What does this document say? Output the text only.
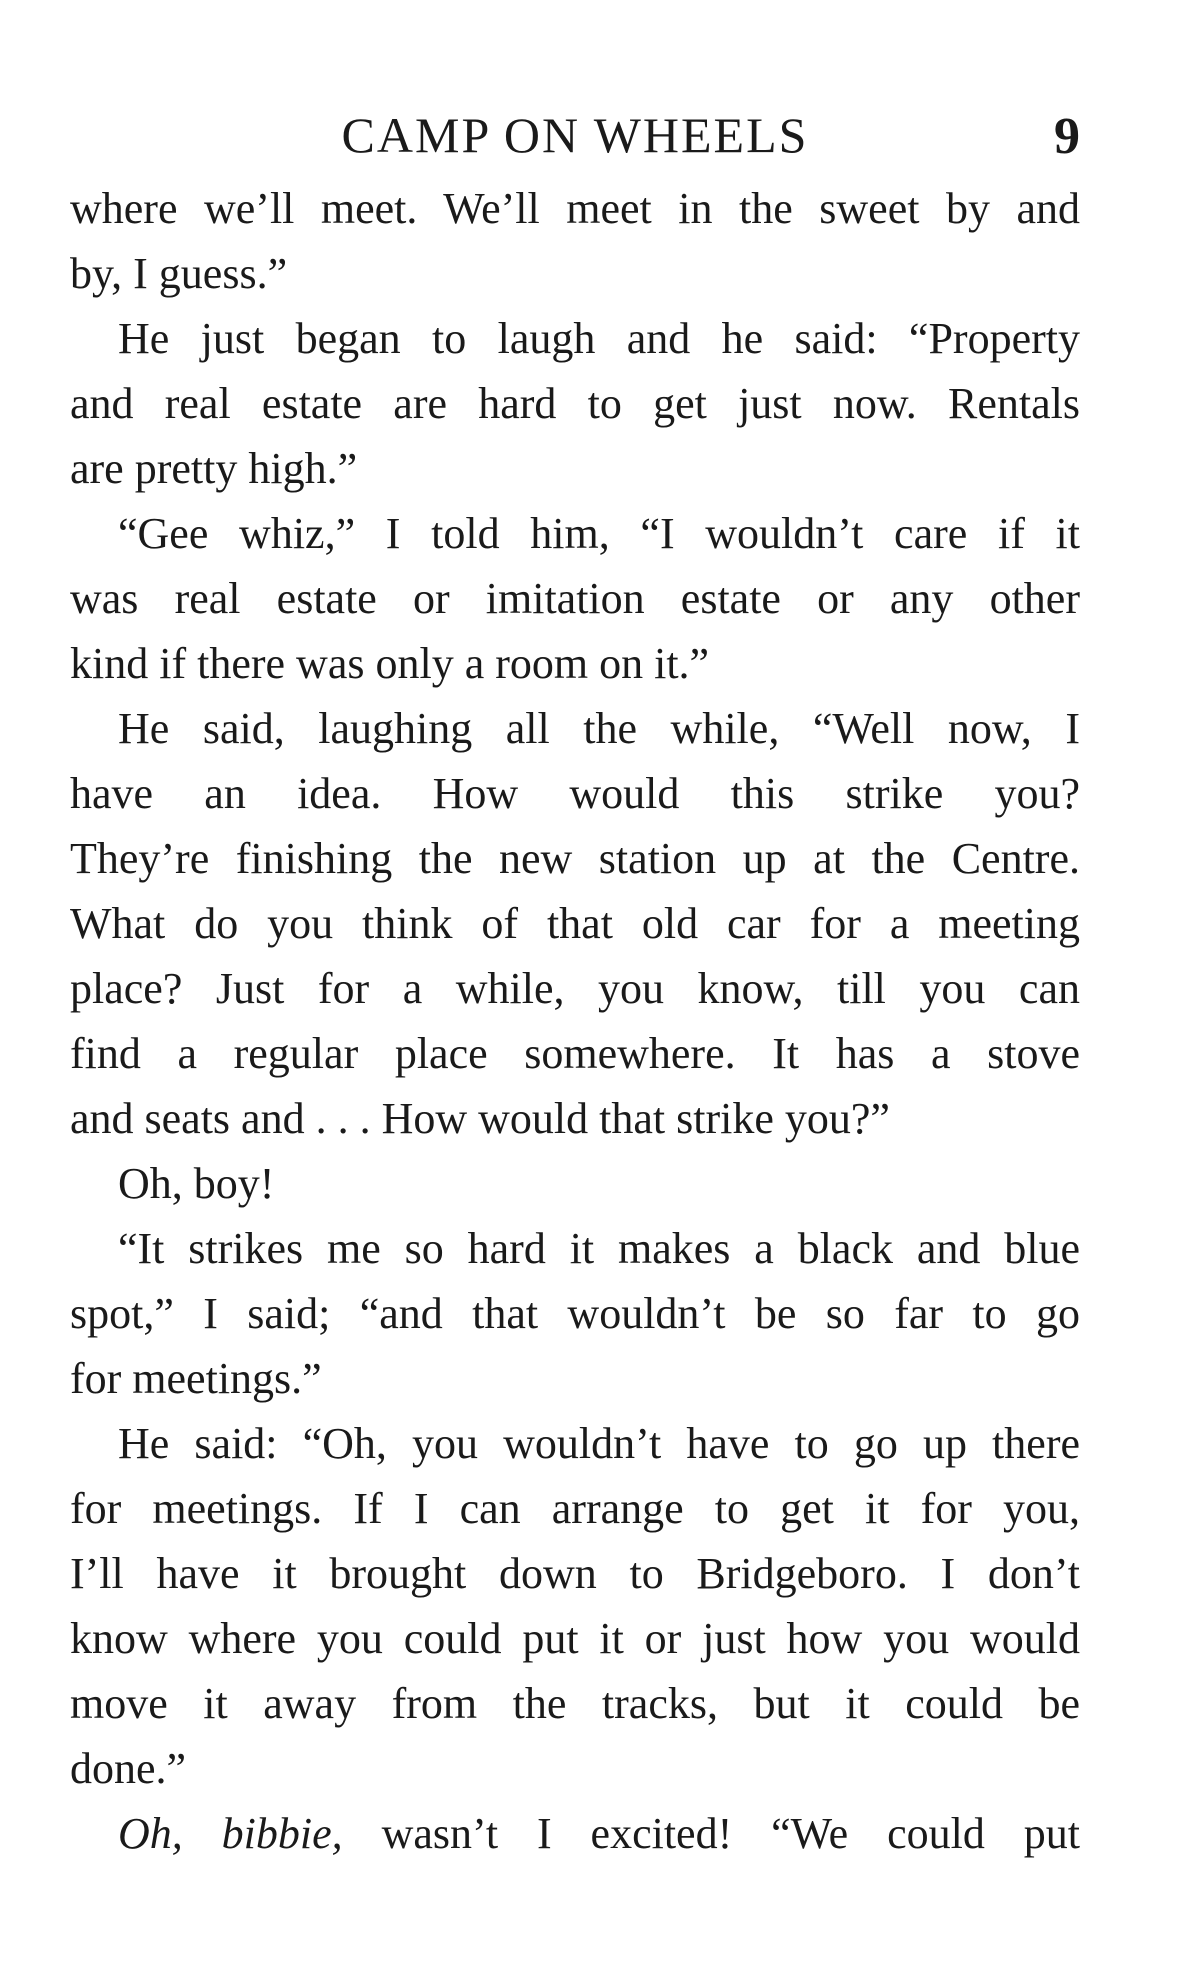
CAMP ON WHEELS	9
where we’ll meet. We’ll meet in the sweet by and
by, I guess.”
He just began to laugh and he said: “Property
and real estate are hard to get just now. Rentals
are pretty high.”
“Gee whiz,” I told him, “I wouldn’t care if it
was real estate or imitation estate or any other
kind if there was only a room on it.”
He said, laughing all the while, “Well now, I
have an idea. How would this strike you?
They’re finishing the new station up at the Centre.
What do you think of that old car for a meeting
place? Just for a while, you know, till you can
find a regular place somewhere. It has a stove
and seats and . . . How would that strike you?”
Oh, boy!
“It strikes me so hard it makes a black and blue
spot,” I said; “and that wouldn’t be so far to go
for meetings.”
He said: “Oh, you wouldn’t have to go up there
for meetings. If I can arrange to get it for you,
I’ll have it brought down to Bridgeboro. I don’t
know where you could put it or just how you would
move it away from the tracks, but it could be
done.”
Oh, bibbie, wasn’t I excited! “We could put
